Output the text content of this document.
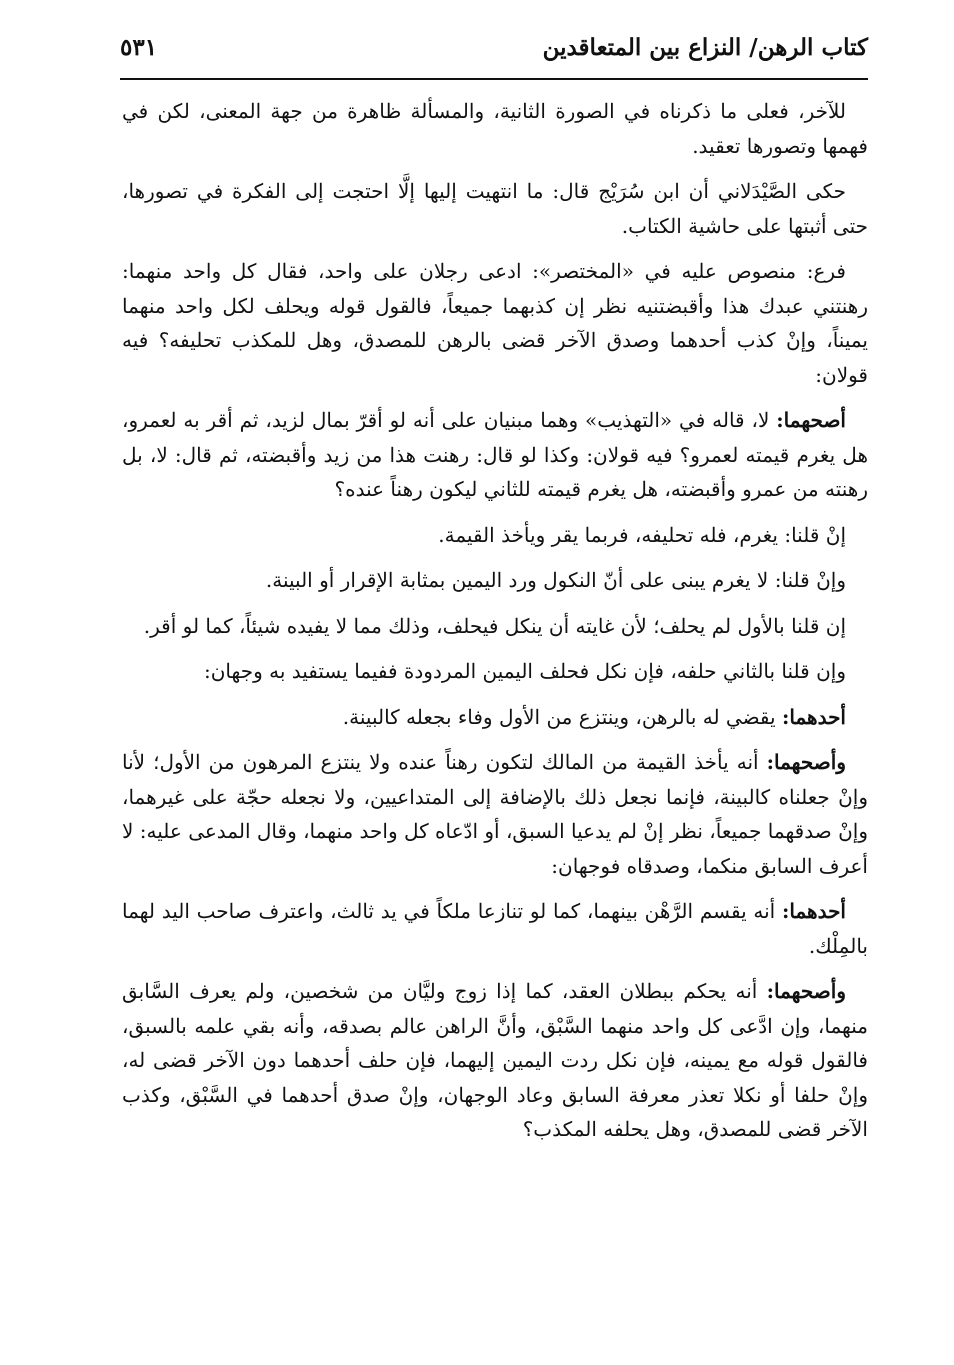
كتاب الرهن/ النزاع بين المتعاقدين
٥٣١

للآخر، فعلى ما ذكرناه في الصورة الثانية، والمسألة ظاهرة من جهة المعنى، لكن في فهمها وتصورها تعقيد.

حكى الصَّيْدَلاني أن ابن سُرَيْج قال: ما انتهيت إليها إلَّا احتجت إلى الفكرة في تصورها، حتى أثبتها على حاشية الكتاب.

فرع: منصوص عليه في «المختصر»: ادعى رجلان على واحد، فقال كل واحد منهما: رهنتني عبدك هذا وأقبضتنيه نظر إن كذبهما جميعاً، فالقول قوله ويحلف لكل واحد منهما يميناً، وإنْ كذب أحدهما وصدق الآخر قضى بالرهن للمصدق، وهل للمكذب تحليفه؟ فيه قولان:

أصحهما: لا، قاله في «التهذيب» وهما مبنيان على أنه لو أقرّ بمال لزيد، ثم أقر به لعمرو، هل يغرم قيمته لعمرو؟ فيه قولان: وكذا لو قال: رهنت هذا من زيد وأقبضته، ثم قال: لا، بل رهنته من عمرو وأقبضته، هل يغرم قيمته للثاني ليكون رهناً عنده؟

إنْ قلنا: يغرم، فله تحليفه، فربما يقر ويأخذ القيمة.

وإنْ قلنا: لا يغرم يبنى على أنّ النكول ورد اليمين بمثابة الإقرار أو البينة.

إن قلنا بالأول لم يحلف؛ لأن غايته أن ينكل فيحلف، وذلك مما لا يفيده شيئاً، كما لو أقر.

وإن قلنا بالثاني حلفه، فإن نكل فحلف اليمين المردودة ففيما يستفيد به وجهان:

أحدهما: يقضي له بالرهن، وينتزع من الأول وفاء بجعله كالبينة.

وأصحهما: أنه يأخذ القيمة من المالك لتكون رهناً عنده ولا ينتزع المرهون من الأول؛ لأنا وإنْ جعلناه كالبينة، فإنما نجعل ذلك بالإضافة إلى المتداعيين، ولا نجعله حجّة على غيرهما، وإنْ صدقهما جميعاً، نظر إنْ لم يدعيا السبق، أو ادّعاه كل واحد منهما، وقال المدعى عليه: لا أعرف السابق منكما، وصدقاه فوجهان:

أحدهما: أنه يقسم الرَّهْن بينهما، كما لو تنازعا ملكاً في يد ثالث، واعترف صاحب اليد لهما بالمِلْك.

وأصحهما: أنه يحكم ببطلان العقد، كما إذا زوج وليَّان من شخصين، ولم يعرف السَّابق منهما، وإن ادَّعى كل واحد منهما السَّبْق، وأنَّ الراهن عالم بصدقه، وأنه بقي علمه بالسبق، فالقول قوله مع يمينه، فإن نكل ردت اليمين إليهما، فإن حلف أحدهما دون الآخر قضى له، وإنْ حلفا أو نكلا تعذر معرفة السابق وعاد الوجهان، وإنْ صدق أحدهما في السَّبْق، وكذب الآخر قضى للمصدق، وهل يحلفه المكذب؟
